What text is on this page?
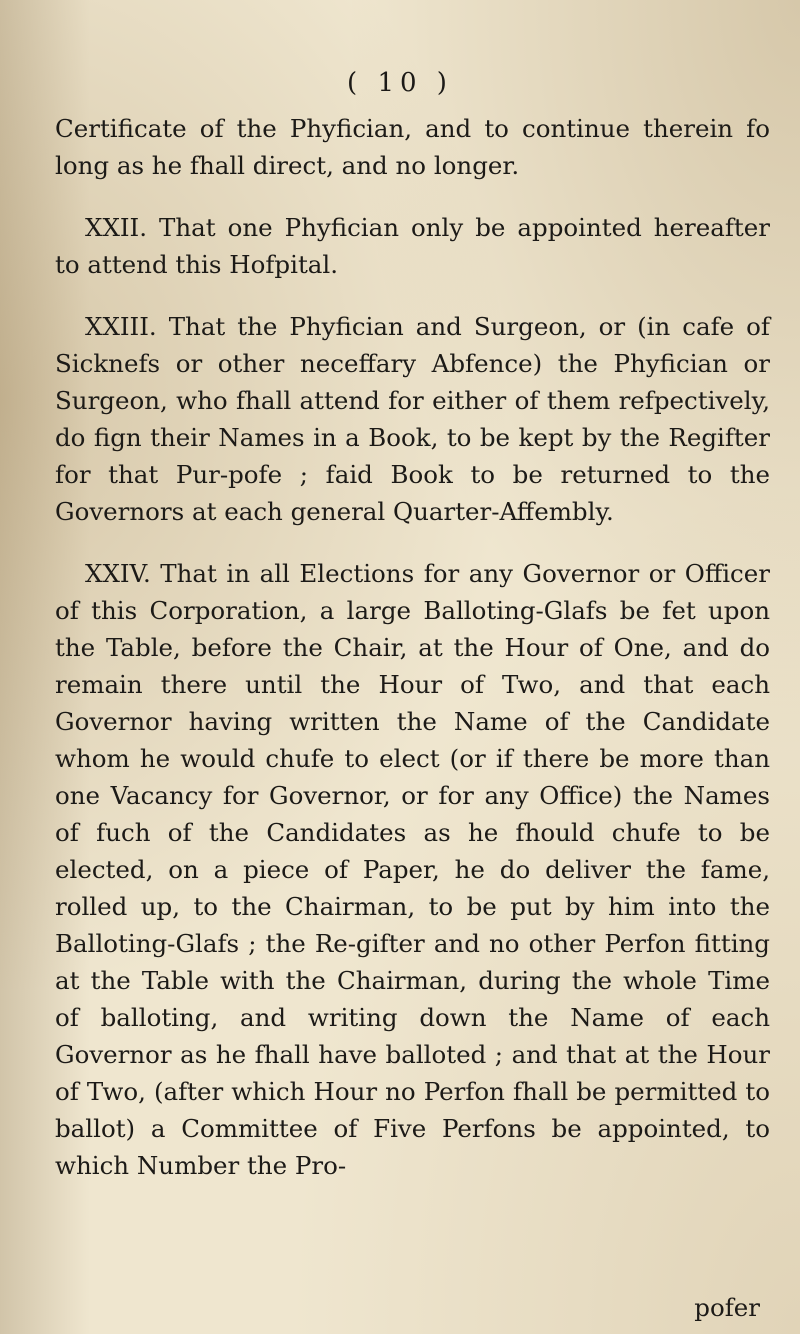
( 10 )

Certificate of the Phyfician, and to continue therein fo long as he fhall direct, and no longer.

XXII. That one Phyfician only be appointed hereafter to attend this Hofpital.

XXIII. That the Phyfician and Surgeon, or (in cafe of Sicknefs or other neceffary Abfence) the Phyfician or Surgeon, who fhall attend for either of them refpectively, do fign their Names in a Book, to be kept by the Regifter for that Pur-pofe ; faid Book to be returned to the Governors at each general Quarter-Affembly.

XXIV. That in all Elections for any Governor or Officer of this Corporation, a large Balloting-Glafs be fet upon the Table, before the Chair, at the Hour of One, and do remain there until the Hour of Two, and that each Governor having written the Name of the Candidate whom he would chufe to elect (or if there be more than one Vacancy for Governor, or for any Office) the Names of fuch of the Candidates as he fhould chufe to be elected, on a piece of Paper, he do deliver the fame, rolled up, to the Chairman, to be put by him into the Balloting-Glafs ; the Re-gifter and no other Perfon fitting at the Table with the Chairman, during the whole Time of balloting, and writing down the Name of each Governor as he fhall have balloted ; and that at the Hour of Two, (after which Hour no Perfon fhall be permitted to ballot) a Committee of Five Perfons be appointed, to which Number the Pro-

pofer
